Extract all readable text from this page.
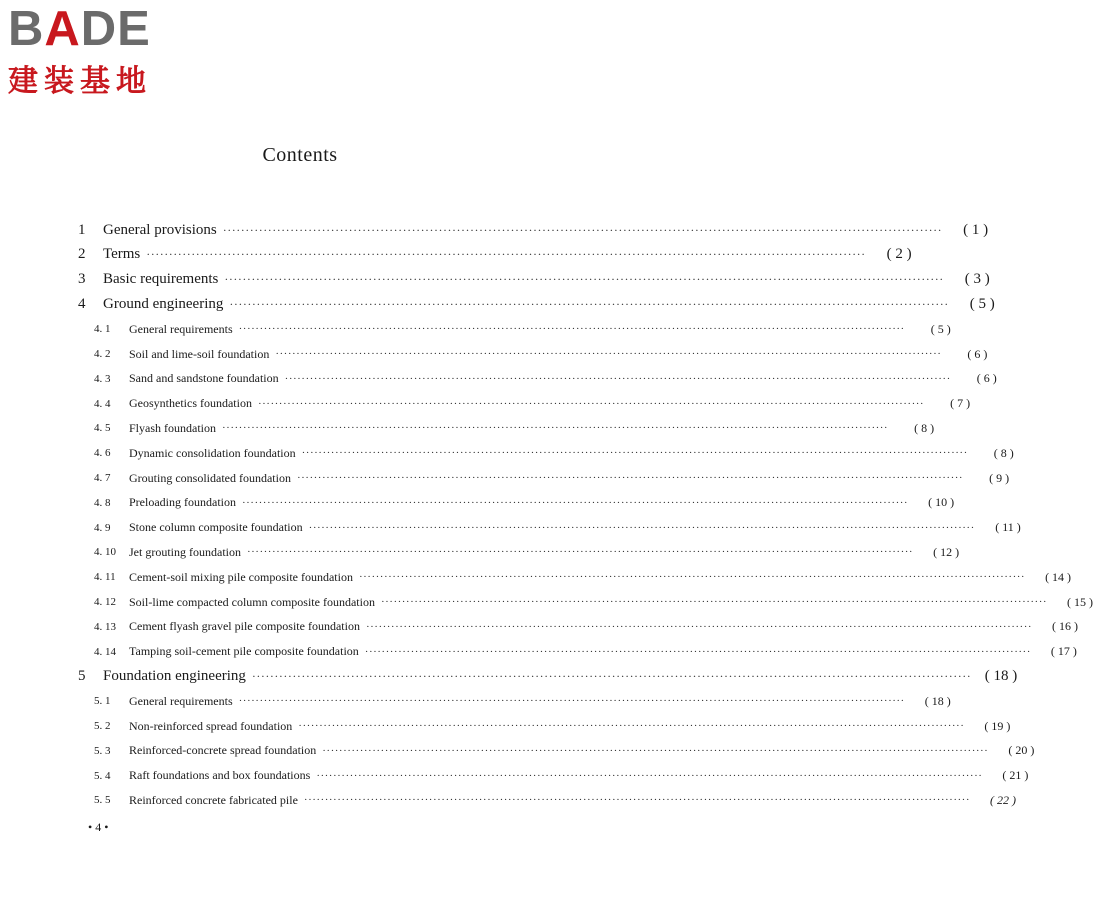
BADE
建装基地
Contents
1	General provisions ································································································································································	( 1 )
2	Terms ································································································································································	( 2 )
3	Basic requirements ································································································································································	( 3 )
4	Ground engineering ································································································································································	( 5 )
4. 1	General requirements ································································································································································	( 5 )
4. 2	Soil and lime-soil foundation ································································································································································	( 6 )
4. 3	Sand and sandstone foundation ································································································································································	( 6 )
4. 4	Geosynthetics foundation ································································································································································	( 7 )
4. 5	Flyash foundation ································································································································································	( 8 )
4. 6	Dynamic consolidation foundation ································································································································································	( 8 )
4. 7	Grouting consolidated foundation ································································································································································	( 9 )
4. 8	Preloading foundation ································································································································································	( 10 )
4. 9	Stone column composite foundation ································································································································································	( 11 )
4. 10	Jet grouting foundation ································································································································································	( 12 )
4. 11	Cement-soil mixing pile composite foundation ································································································································································	( 14 )
4. 12	Soil-lime compacted column composite foundation ································································································································································	( 15 )
4. 13	Cement flyash gravel pile composite foundation ································································································································································	( 16 )
4. 14	Tamping soil-cement pile composite foundation ································································································································································	( 17 )
5	Foundation engineering ································································································································································ ( 18 )
5. 1	General requirements ································································································································································	( 18 )
5. 2	Non-reinforced spread foundation ································································································································································	( 19 )
5. 3	Reinforced-concrete spread foundation ································································································································································	( 20 )
5. 4	Raft foundations and box foundations ································································································································································	( 21 )
5. 5	Reinforced concrete fabricated pile ································································································································································	( 22 )
• 4 •
